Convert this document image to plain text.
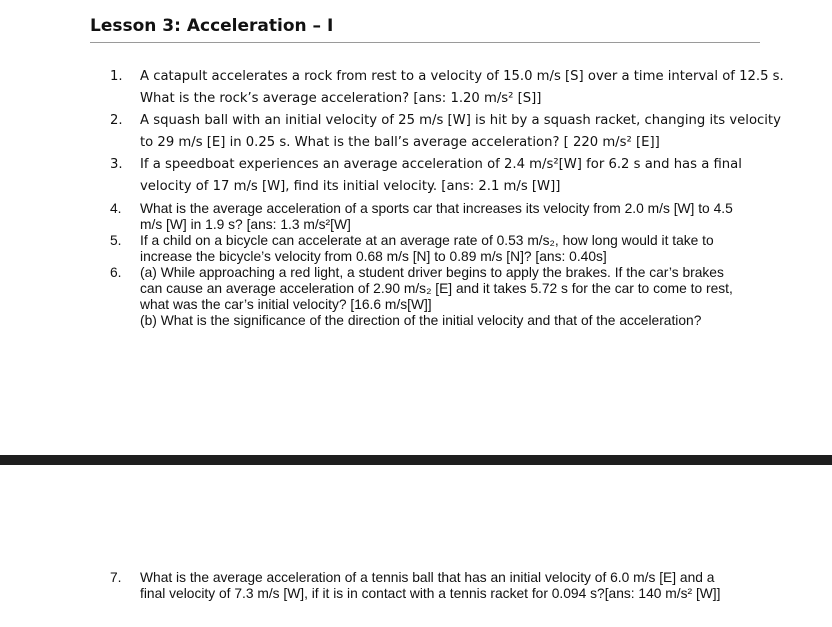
Lesson 3: Acceleration – I
1.	A catapult accelerates a rock from rest to a velocity of 15.0 m/s [S] over a time interval of 12.5 s.
What is the rock’s average acceleration? [ans: 1.20 m/s² [S]]
2.	A squash ball with an initial velocity of 25 m/s [W] is hit by a squash racket, changing its velocity
to 29 m/s [E] in 0.25 s. What is the ball’s average acceleration? [ 220 m/s² [E]]
3.	If a speedboat experiences an average acceleration of 2.4 m/s²[W] for 6.2 s and has a final
velocity of 17 m/s [W], find its initial velocity. [ans: 2.1 m/s [W]]
4.	What is the average acceleration of a sports car that increases its velocity from 2.0 m/s [W] to 4.5
m/s [W] in 1.9 s? [ans: 1.3 m/s²[W]
5.	If a child on a bicycle can accelerate at an average rate of 0.53 m/s₂, how long would it take to
increase the bicycle’s velocity from 0.68 m/s [N] to 0.89 m/s [N]? [ans: 0.40s]
6.	(a) While approaching a red light, a student driver begins to apply the brakes. If the car’s brakes
can cause an average acceleration of 2.90 m/s₂ [E] and it takes 5.72 s for the car to come to rest,
what was the car’s initial velocity? [16.6 m/s[W]]
(b) What is the significance of the direction of the initial velocity and that of the acceleration?
7.	What is the average acceleration of a tennis ball that has an initial velocity of 6.0 m/s [E] and a
final velocity of 7.3 m/s [W], if it is in contact with a tennis racket for 0.094 s?[ans: 140 m/s² [W]]
